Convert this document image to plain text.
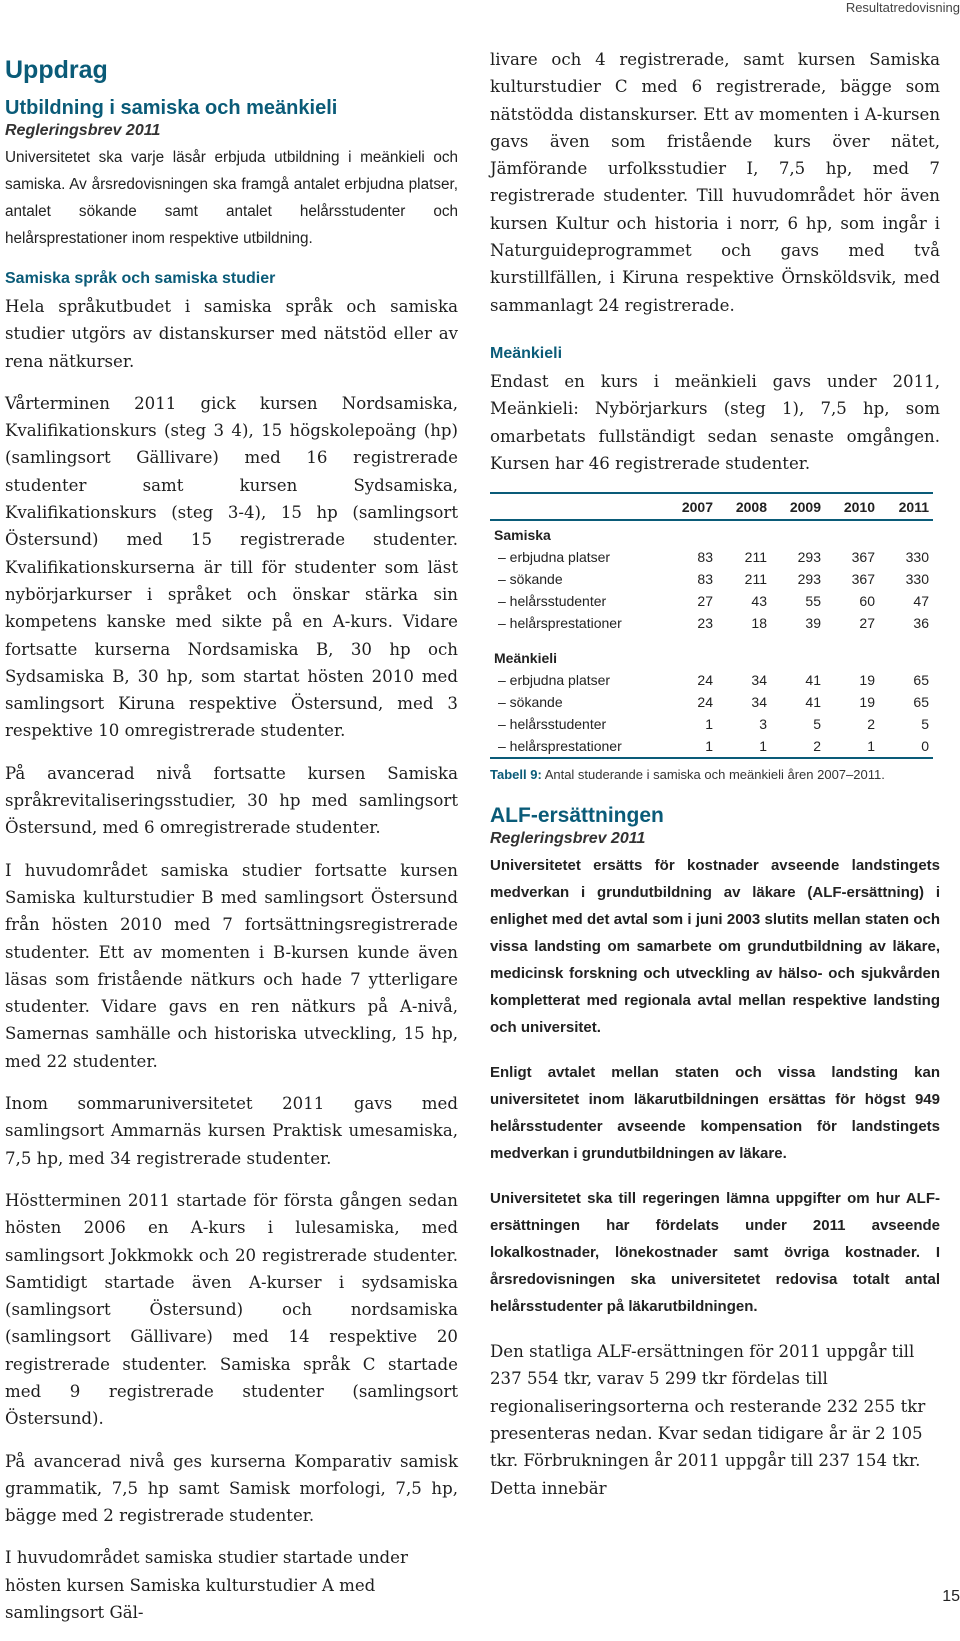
Resultatredovisning
Uppdrag
Utbildning i samiska och meänkieli
Regleringsbrev 2011

Universitetet ska varje läsår erbjuda utbildning i meänkieli och samiska. Av årsredovisningen ska framgå antalet erbjudna platser, antalet sökande samt antalet helårsstudenter och helårsprestationer inom respektive utbildning.

Samiska språk och samiska studier

Hela språkutbudet i samiska språk och samiska studier utgörs av distanskurser med nätstöd eller av rena nätkurser.

Vårterminen 2011 gick kursen Nordsamiska, Kvalifikationskurs (steg 3 4), 15 högskolepoäng (hp) (samlingsort Gällivare) med 16 registrerade studenter samt kursen Sydsamiska, Kvalifikationskurs (steg 3-4), 15 hp (samlingsort Östersund) med 15 registrerade studenter. Kvalifikationskurserna är till för studenter som läst nybörjarkurser i språket och önskar stärka sin kompetens kanske med sikte på en A-kurs. Vidare fortsatte kurserna Nordsamiska B, 30 hp och Sydsamiska B, 30 hp, som startat hösten 2010 med samlingsort Kiruna respektive Östersund, med 3 respektive 10 omregistrerade studenter.

På avancerad nivå fortsatte kursen Samiska språkrevitaliseringsstudier, 30 hp med samlingsort Östersund, med 6 omregistrerade studenter.

I huvudområdet samiska studier fortsatte kursen Samiska kulturstudier B med samlingsort Östersund från hösten 2010 med 7 fortsättningsregistrerade studenter. Ett av momenten i B-kursen kunde även läsas som fristående nätkurs och hade 7 ytterligare studenter. Vidare gavs en ren nätkurs på A-nivå, Samernas samhälle och historiska utveckling, 15 hp, med 22 studenter.

Inom sommaruniversitetet 2011 gavs med samlingsort Ammarnäs kursen Praktisk umesamiska, 7,5 hp, med 34 registrerade studenter.

Höstterminen 2011 startade för första gången sedan hösten 2006 en A-kurs i lulesamiska, med samlingsort Jokkmokk och 20 registrerade studenter. Samtidigt startade även A-kurser i sydsamiska (samlingsort Östersund) och nordsamiska (samlingsort Gällivare) med 14 respektive 20 registrerade studenter. Samiska språk C startade med 9 registrerade studenter (samlingsort Östersund).

På avancerad nivå ges kurserna Komparativ samisk grammatik, 7,5 hp samt Samisk morfologi, 7,5 hp, bägge med 2 registrerade studenter.

I huvudområdet samiska studier startade under hösten kursen Samiska kulturstudier A med samlingsort Gäl-

livare och 4 registrerade, samt kursen Samiska kulturstudier C med 6 registrerade, bägge som nätstödda distanskurser. Ett av momenten i A-kursen gavs även som fristående kurs över nätet, Jämförande urfolksstudier I, 7,5 hp, med 7 registrerade studenter. Till huvudområdet hör även kursen Kultur och historia i norr, 6 hp, som ingår i Naturguideprogrammet och gavs med två kurstillfällen, i Kiruna respektive Örnsköldsvik, med sammanlagt 24 registrerade.

Meänkieli

Endast en kurs i meänkieli gavs under 2011, Meänkieli: Nybörjarkurs (steg 1), 7,5 hp, som omarbetats fullständigt sedan senaste omgången. Kursen har 46 registrerade studenter.

	2007	2008	2009	2010	2011
Samiska					
– erbjudna platser	83	211	293	367	330
– sökande	83	211	293	367	330
– helårsstudenter	27	43	55	60	47
– helårsprestationer	23	18	39	27	36

Meänkieli					
– erbjudna platser	24	34	41	19	65
– sökande	24	34	41	19	65
– helårsstudenter	1	3	5	2	5
– helårsprestationer	1	1	2	1	0
Tabell 9: Antal studerande i samiska och meänkieli åren 2007–2011.
ALF-ersättningen
Regleringsbrev 2011

Universitetet ersätts för kostnader avseende landstingets medverkan i grundutbildning av läkare (ALF-ersättning) i enlighet med det avtal som i juni 2003 slutits mellan staten och vissa landsting om samarbete om grundutbildning av läkare, medicinsk forskning och utveckling av hälso- och sjukvården kompletterat med regionala avtal mellan respektive landsting och universitet.

Enligt avtalet mellan staten och vissa landsting kan universitetet inom läkarutbildningen ersättas för högst 949 helårsstudenter avseende kompensation för landstingets medverkan i grundutbildningen av läkare.

Universitetet ska till regeringen lämna uppgifter om hur ALF-ersättningen har fördelats under 2011 avseende lokalkostnader, lönekostnader samt övriga kostnader. I årsredovisningen ska universitetet redovisa totalt antal helårsstudenter på läkarutbildningen.

Den statliga ALF-ersättningen för 2011 uppgår till 237 554 tkr, varav 5 299 tkr fördelas till regionaliseringsorterna och resterande 232 255 tkr presenteras nedan. Kvar sedan tidigare år är 2 105 tkr. Förbrukningen år 2011 uppgår till 237 154 tkr. Detta innebär

15
